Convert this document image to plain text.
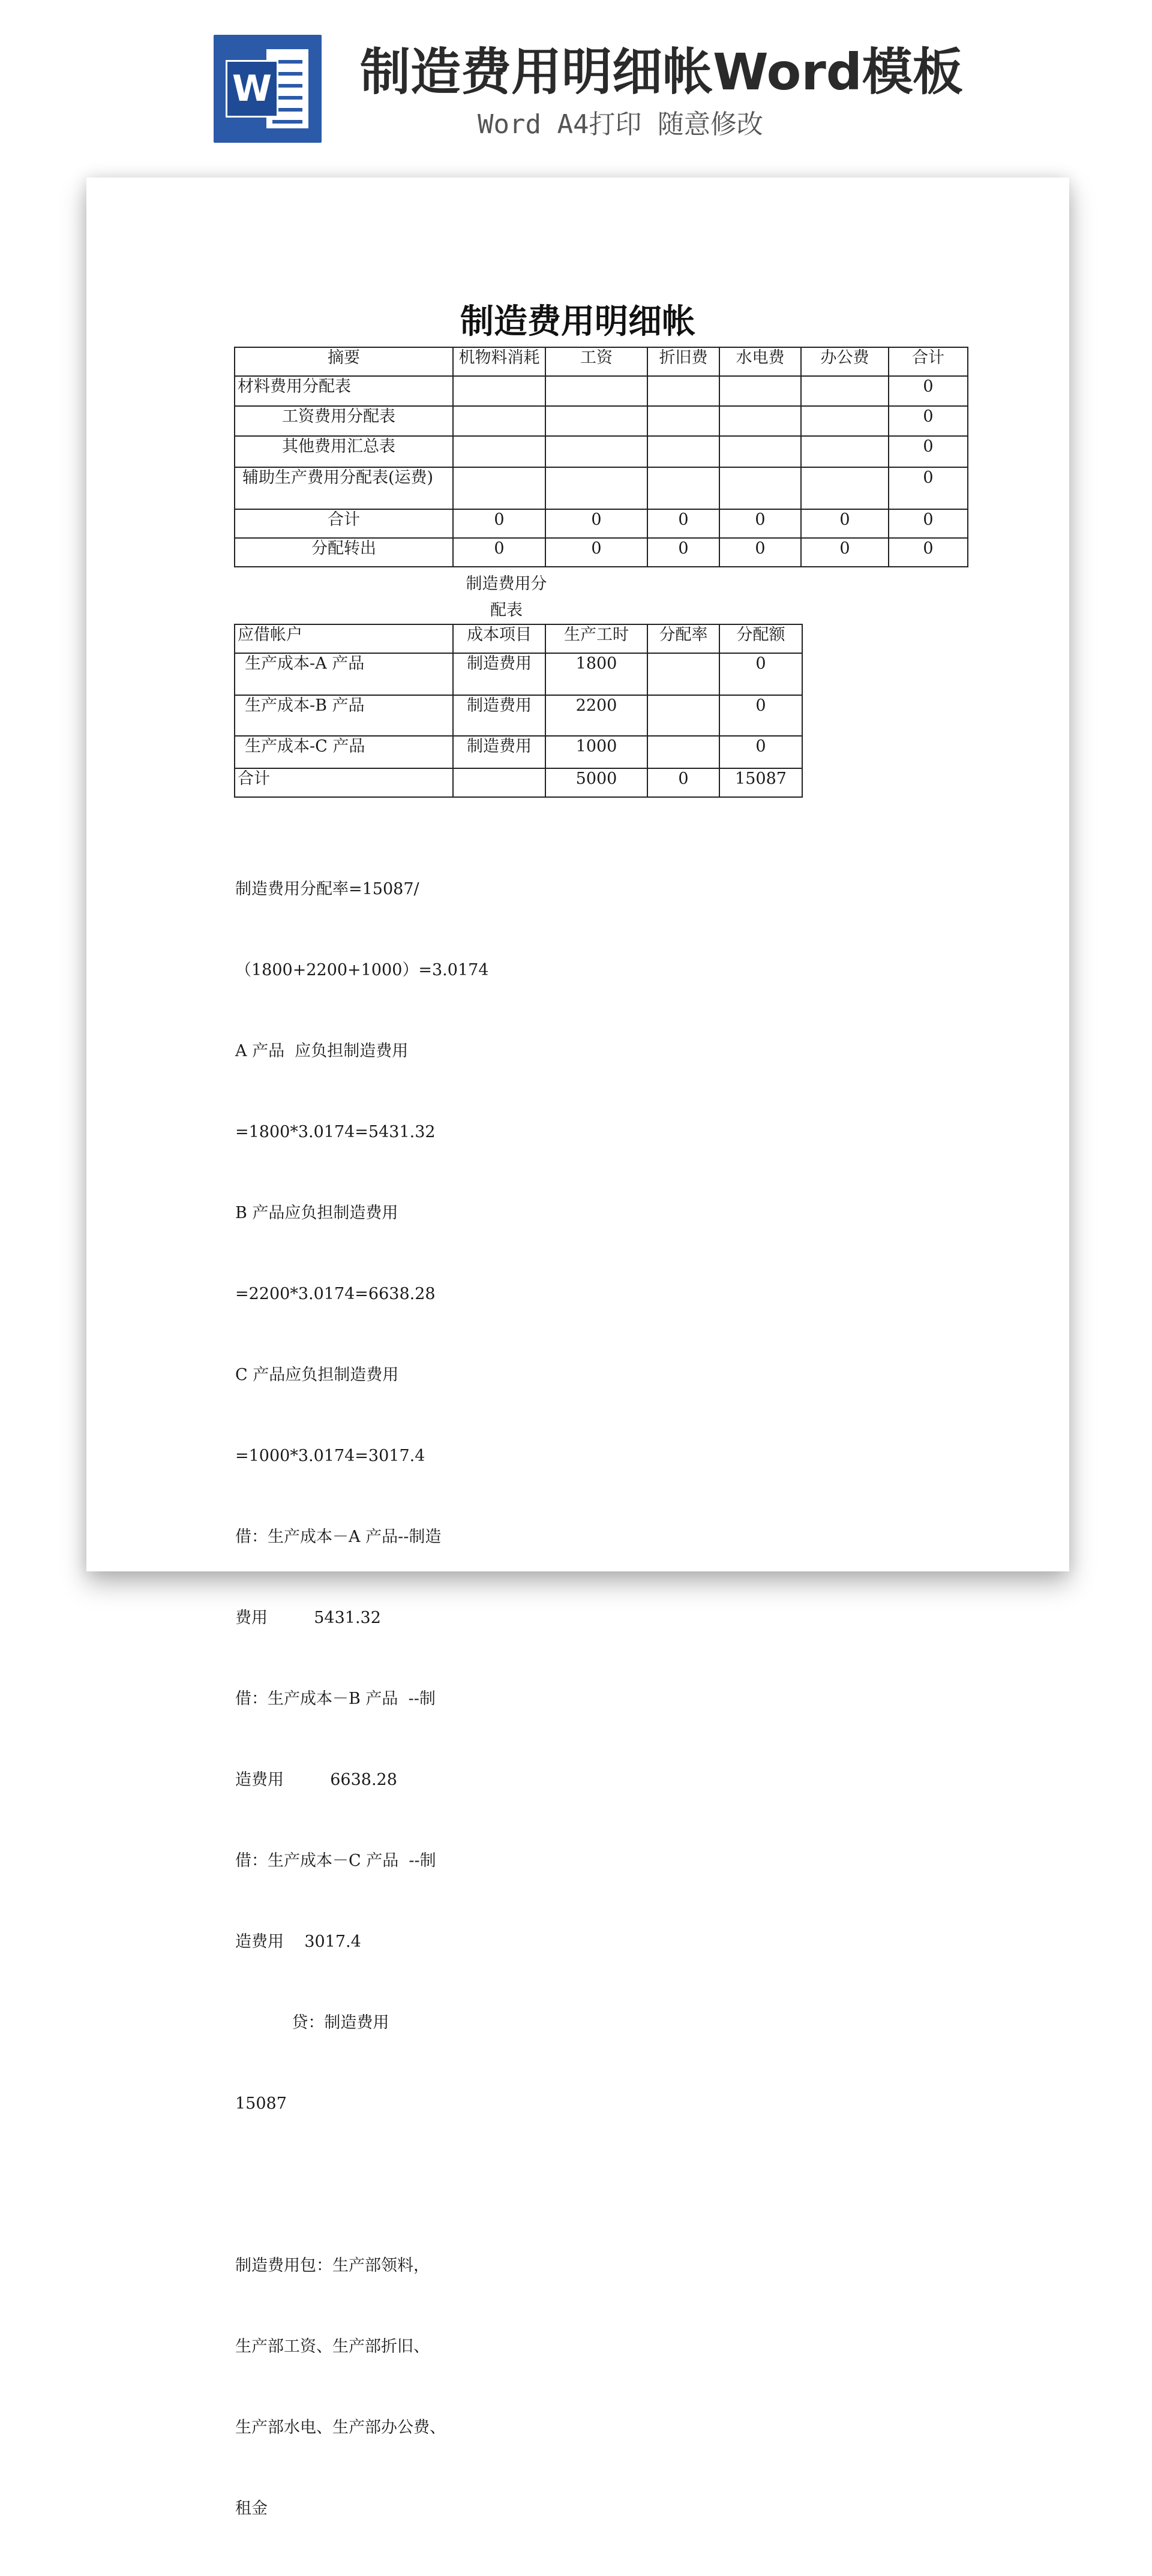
W 制造费用明细帐Word模板
Word A4打印 随意修改
制造费用明细帐
摘要	机物料消耗	工资	折旧费	水电费	办公费	合计
材料费用分配表						0
工资费用分配表						0
其他费用汇总表						0
辅助生产费用分配表(运费)						0
合计	0	0	0	0	0	0
分配转出	0	0	0	0	0	0
制造费用分
配表
应借帐户	成本项目	生产工时	分配率	分配额
生产成本-A 产品	制造费用	1800		0
生产成本-B 产品	制造费用	2200		0
生产成本-C 产品	制造费用	1000		0
合计		5000	0	15087

制造费用分配率=15087/

（1800+2200+1000）=3.0174

A 产品  应负担制造费用

=1800*3.0174=5431.32

B 产品应负担制造费用

=2200*3.0174=6638.28

C 产品应负担制造费用

=1000*3.0174=3017.4

借：生产成本－A 产品--制造

费用         5431.32

借：生产成本－B 产品  --制

造费用         6638.28

借：生产成本－C 产品  --制

造费用    3017.4

贷：制造费用

15087

制造费用包：生产部领料，

生产部工资、生产部折旧、

生产部水电、生产部办公费、

租金
